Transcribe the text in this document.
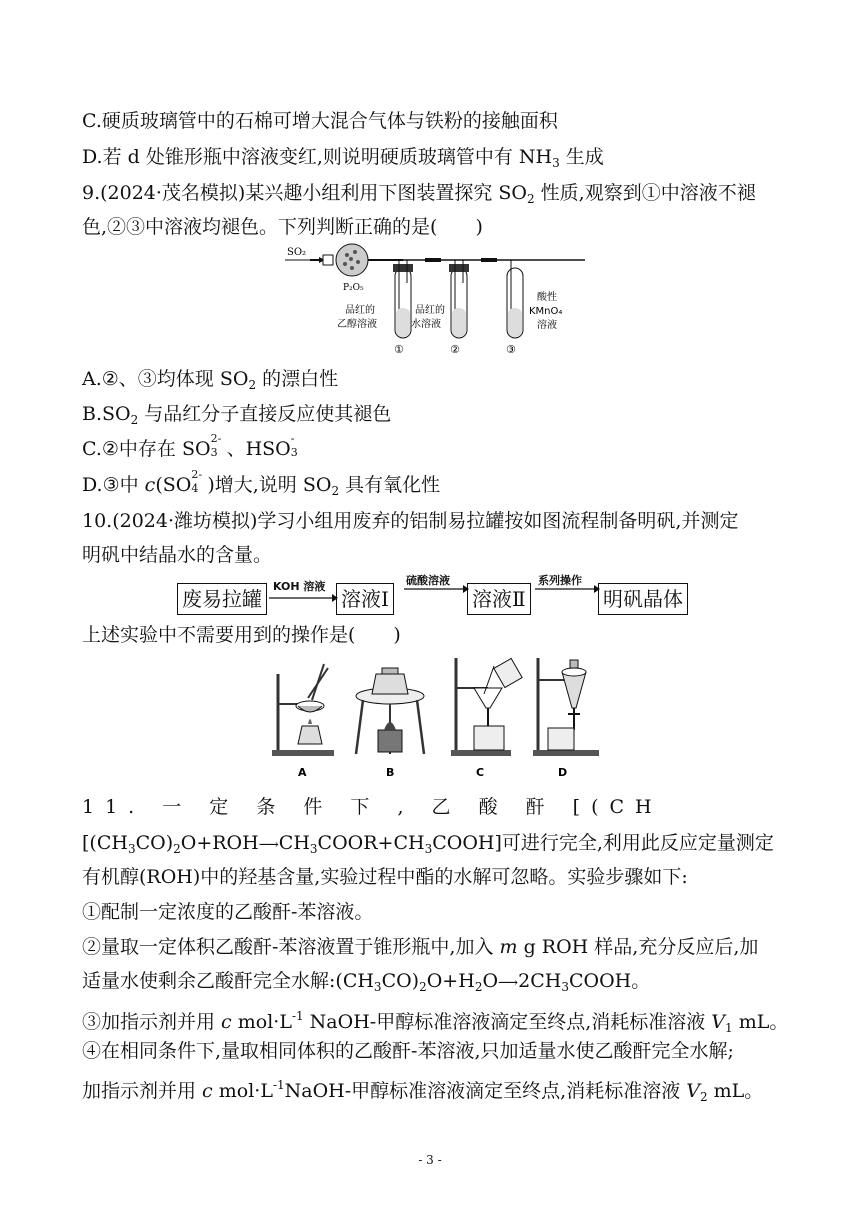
C.硬质玻璃管中的石棉可增大混合气体与铁粉的接触面积
D.若 d 处锥形瓶中溶液变红,则说明硬质玻璃管中有 $NH_3$ 生成
9.(2024·茂名模拟)某兴趣小组利用下图装置探究 $SO_2$ 性质,观察到①中溶液不褪
色,②③中溶液均褪色。下列判断正确的是(　　)
SO₂
P₂O₅
品红的
乙醇溶液
①
品红的
水溶液
②
酸性
KMnO₄
溶液
③
A.②、③均体现 $SO_2$ 的漂白性
$B.SO_2$ 与品红分子直接反应使其褪色
C.②中存在 SO 2-
3 、HSO -
3
D.③中 c(SO 2-
4 )增大,说明 $SO_2$ 具有氧化性
10.(2024·潍坊模拟)学习小组用废弃的铝制易拉罐按如图流程制备明矾,并测定
明矾中结晶水的含量。
废易拉罐
KOH 溶液
溶液Ⅰ
硫酸溶液
溶液Ⅱ
系列操作
明矾晶体
上述实验中不需要用到的操作是(　　)
A	B	C	D
11. 一 定 条 件 下 , 乙 酸 酐 [(CH
$[(CH_3CO)_2O+ROH⟶CH_3COOR+CH_3COOH]$可进行完全,利用此反应定量测定
有机醇(ROH)中的羟基含量,实验过程中酯的水解可忽略。实验步骤如下:
①配制一定浓度的乙酸酐-苯溶液。
②量取一定体积乙酸酐-苯溶液置于锥形瓶中,加入 m g ROH 样品,充分反应后,加
适量水使剩余乙酸酐完全水解$:(CH_3CO)_2O+H_2O⟶2CH_3COOH$。
③加指示剂并用 c $mol\cdot L^{-1}$ NaOH-甲醇标准溶液滴定至终点,消耗标准溶液 $V_1$ mL。
④在相同条件下,量取相同体积的乙酸酐-苯溶液,只加适量水使乙酸酐完全水解;
加指示剂并用 c $mol\cdot L^{-1}NaOH-$甲醇标准溶液滴定至终点,消耗标准溶液 $V_2$ mL。
- 3 -
